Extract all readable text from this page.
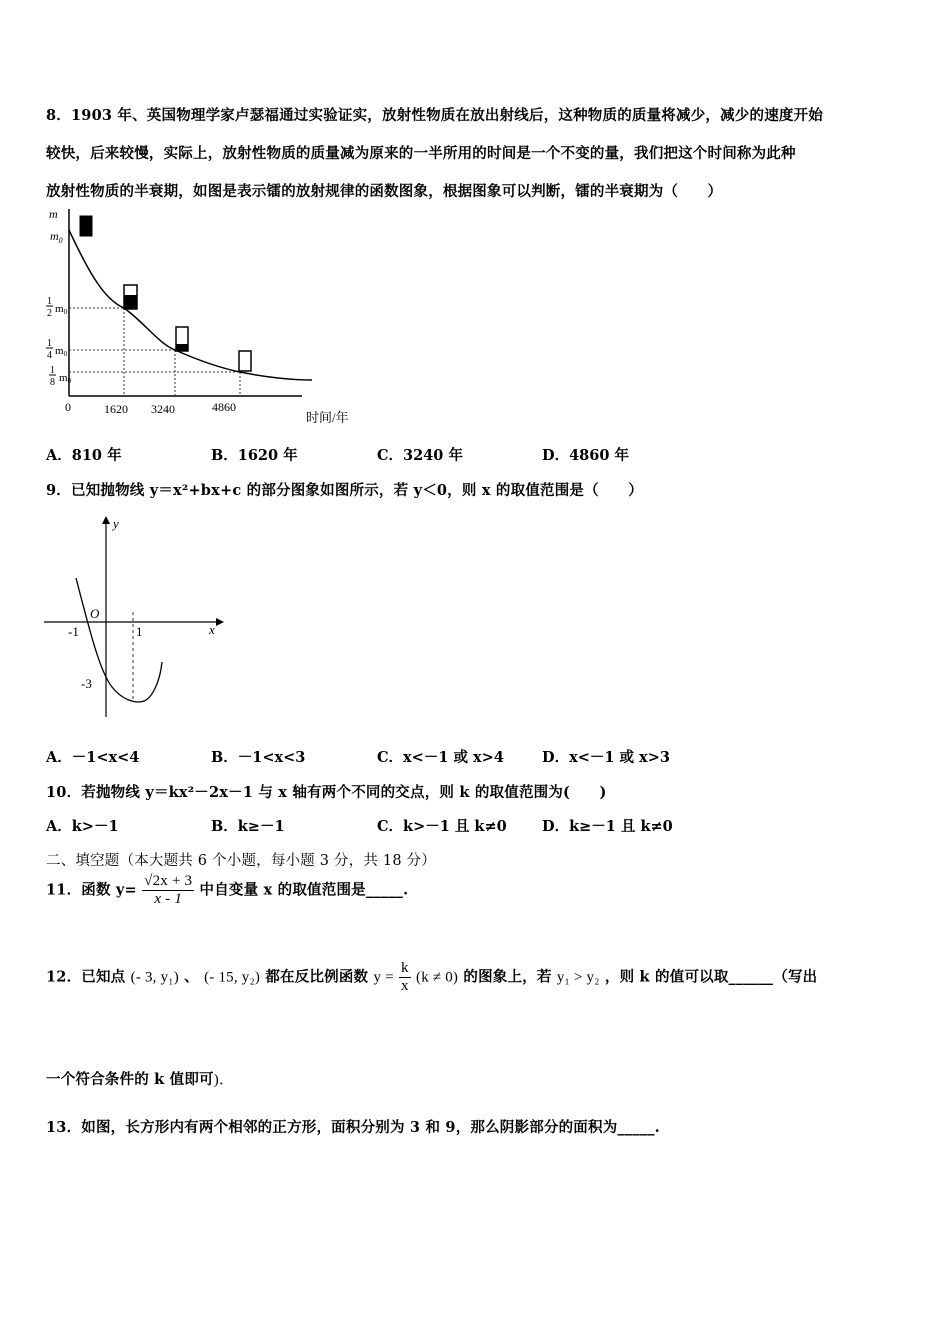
8．1903 年、英国物理学家卢瑟福通过实验证实，放射性物质在放出射线后，这种物质的质量将减少，减少的速度开始
较快，后来较慢，实际上，放射性物质的质量减为原来的一半所用的时间是一个不变的量，我们把这个时间称为此种
放射性物质的半衰期，如图是表示镭的放射规律的函数图象，根据图象可以判断，镭的半衰期为（　　）
m
$m_0$
1
2 m0
1
4 m0
1
8 m0
0	1620 3240	4860
时间/年
A．810 年	B．1620 年	C．3240 年	D．4860 年
9．已知抛物线 y＝x²+bx+c 的部分图象如图所示，若 y＜0，则 x 的取值范围是（　　）
y
x
O
-1	1
-3
A．－1<x<4	B．－1<x<3	C．x<－1 或 x>4	D．x<－1 或 x>3
10．若抛物线 y＝kx²－2x－1 与 x 轴有两个不同的交点，则 k 的取值范围为(　　)
A．k>－1	B．k≥－1	C．k>－1 且 k≠0 D．k≥－1 且 k≠0
二、填空题（本大题共 6 个小题，每小题 3 分，共 18 分）
11．函数 $y= \frac{√2x + 3}{x - 1}$ 中自变量 x 的取值范围是_____.
12．已知点 (- 3, y₁) 、 (- 15, y₂) 都在反比例函数 $y = \frac{k}{x} (k \ne 0)$ 的图象上，若 y₁ > y₂ ，则 k 的值可以取______（写出
一个符合条件的 k 值即可)．
13．如图，长方形内有两个相邻的正方形，面积分别为 3 和 9，那么阴影部分的面积为_____.
